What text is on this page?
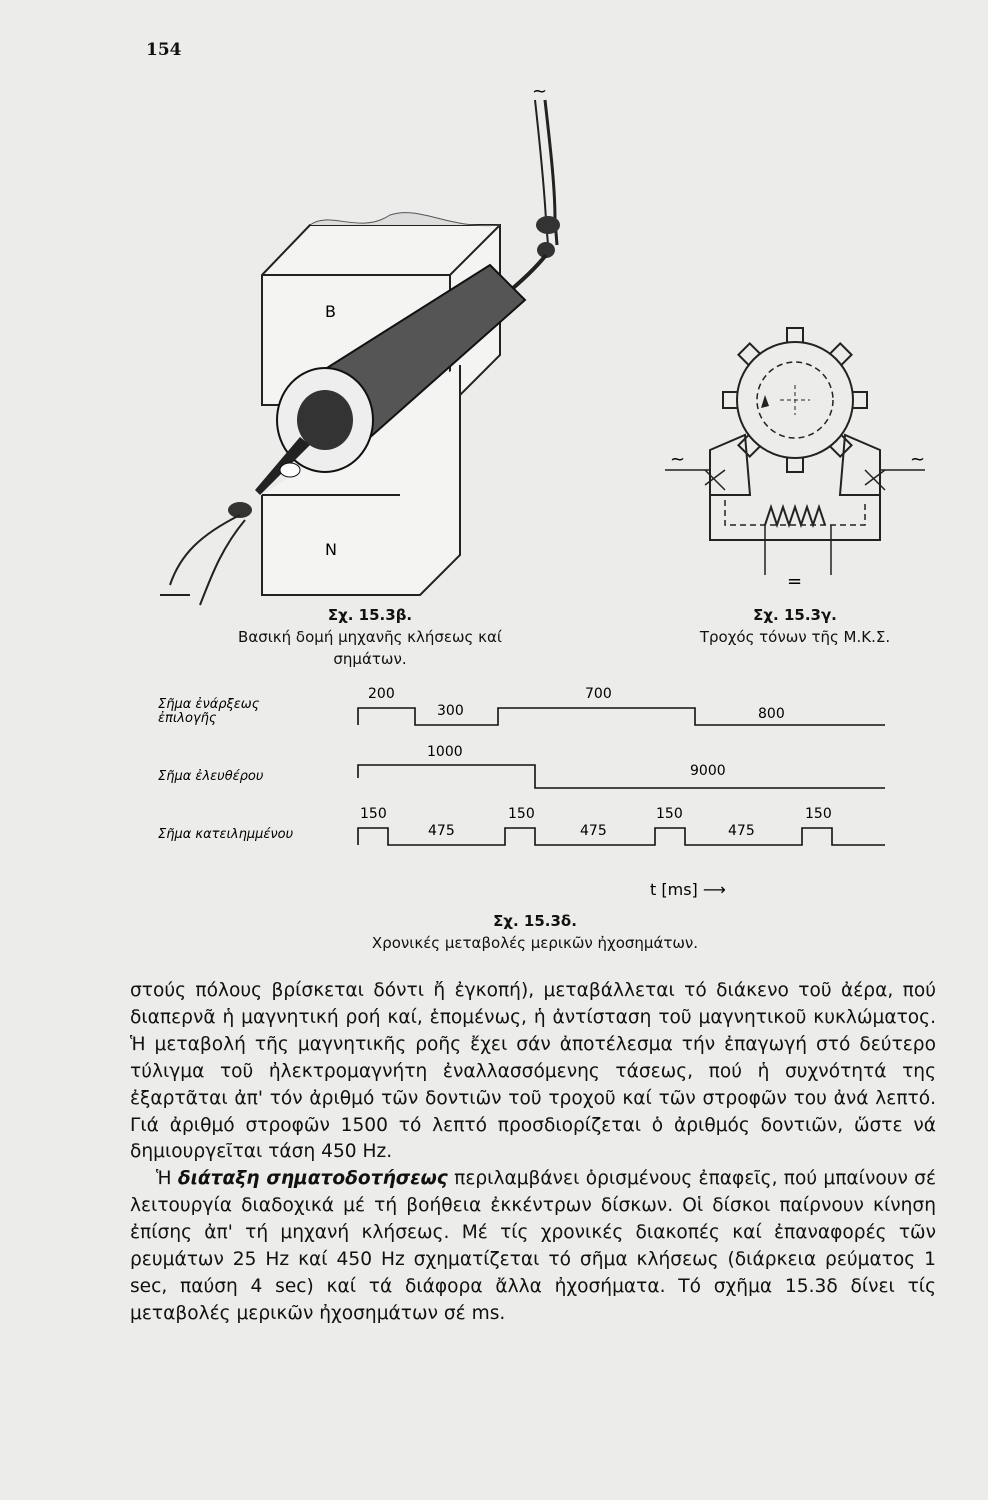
154
~
B
N
~	~
=
Σχ. 15.3β.
Βασική δομή μηχανῆς κλήσεως καί σημάτων.
Σχ. 15.3γ.
Τροχός τόνων τῆς Μ.Κ.Σ.
Σῆμα ἐνάρξεως
ἐπιλογῆς
200
300
700
800
Σῆμα ἐλευθέρου
1000
9000
Σῆμα κατειλημμένου
150
475
150
475
150
475
150
t [ms] ⟶
Σχ. 15.3δ.
Χρονικές μεταβολές μερικῶν ἠχοσημάτων.

στούς πόλους βρίσκεται δόντι ἤ ἐγκοπή), μεταβάλλεται τό διάκενο τοῦ ἀέρα, πού διαπερνᾶ ἡ μαγνητική ροή καί, ἑπομένως, ἡ ἀντίσταση τοῦ μαγνητικοῦ κυκλώματος. Ἡ μεταβολή τῆς μαγνητικῆς ροῆς ἔχει σάν ἀποτέλεσμα τήν ἐπαγωγή στό δεύτερο τύλιγμα τοῦ ἠλεκτρομαγνήτη ἐναλλασσόμενης τάσεως, πού ἡ συχνότητά της ἐξαρτᾶται ἀπ' τόν ἀριθμό τῶν δοντιῶν τοῦ τροχοῦ καί τῶν στροφῶν του ἀνά λεπτό. Γιά ἀριθμό στροφῶν 1500 τό λεπτό προσδιορίζεται ὁ ἀριθμός δοντιῶν, ὥστε νά δημιουργεῖται τάση 450 Hz.

Ἡ διάταξη σηματοδοτήσεως περιλαμβάνει ὁρισμένους ἐπαφεῖς, πού μπαίνουν σέ λειτουργία διαδοχικά μέ τή βοήθεια ἐκκέντρων δίσκων. Οἱ δίσκοι παίρνουν κίνηση ἐπίσης ἀπ' τή μηχανή κλήσεως. Μέ τίς χρονικές διακοπές καί ἐπαναφορές τῶν ρευμάτων 25 Hz καί 450 Hz σχηματίζεται τό σῆμα κλήσεως (διάρκεια ρεύματος 1 sec, παύση 4 sec) καί τά διάφορα ἄλλα ἠχοσήματα. Τό σχῆμα 15.3δ δίνει τίς μεταβολές μερικῶν ἠχοσημάτων σέ ms.
